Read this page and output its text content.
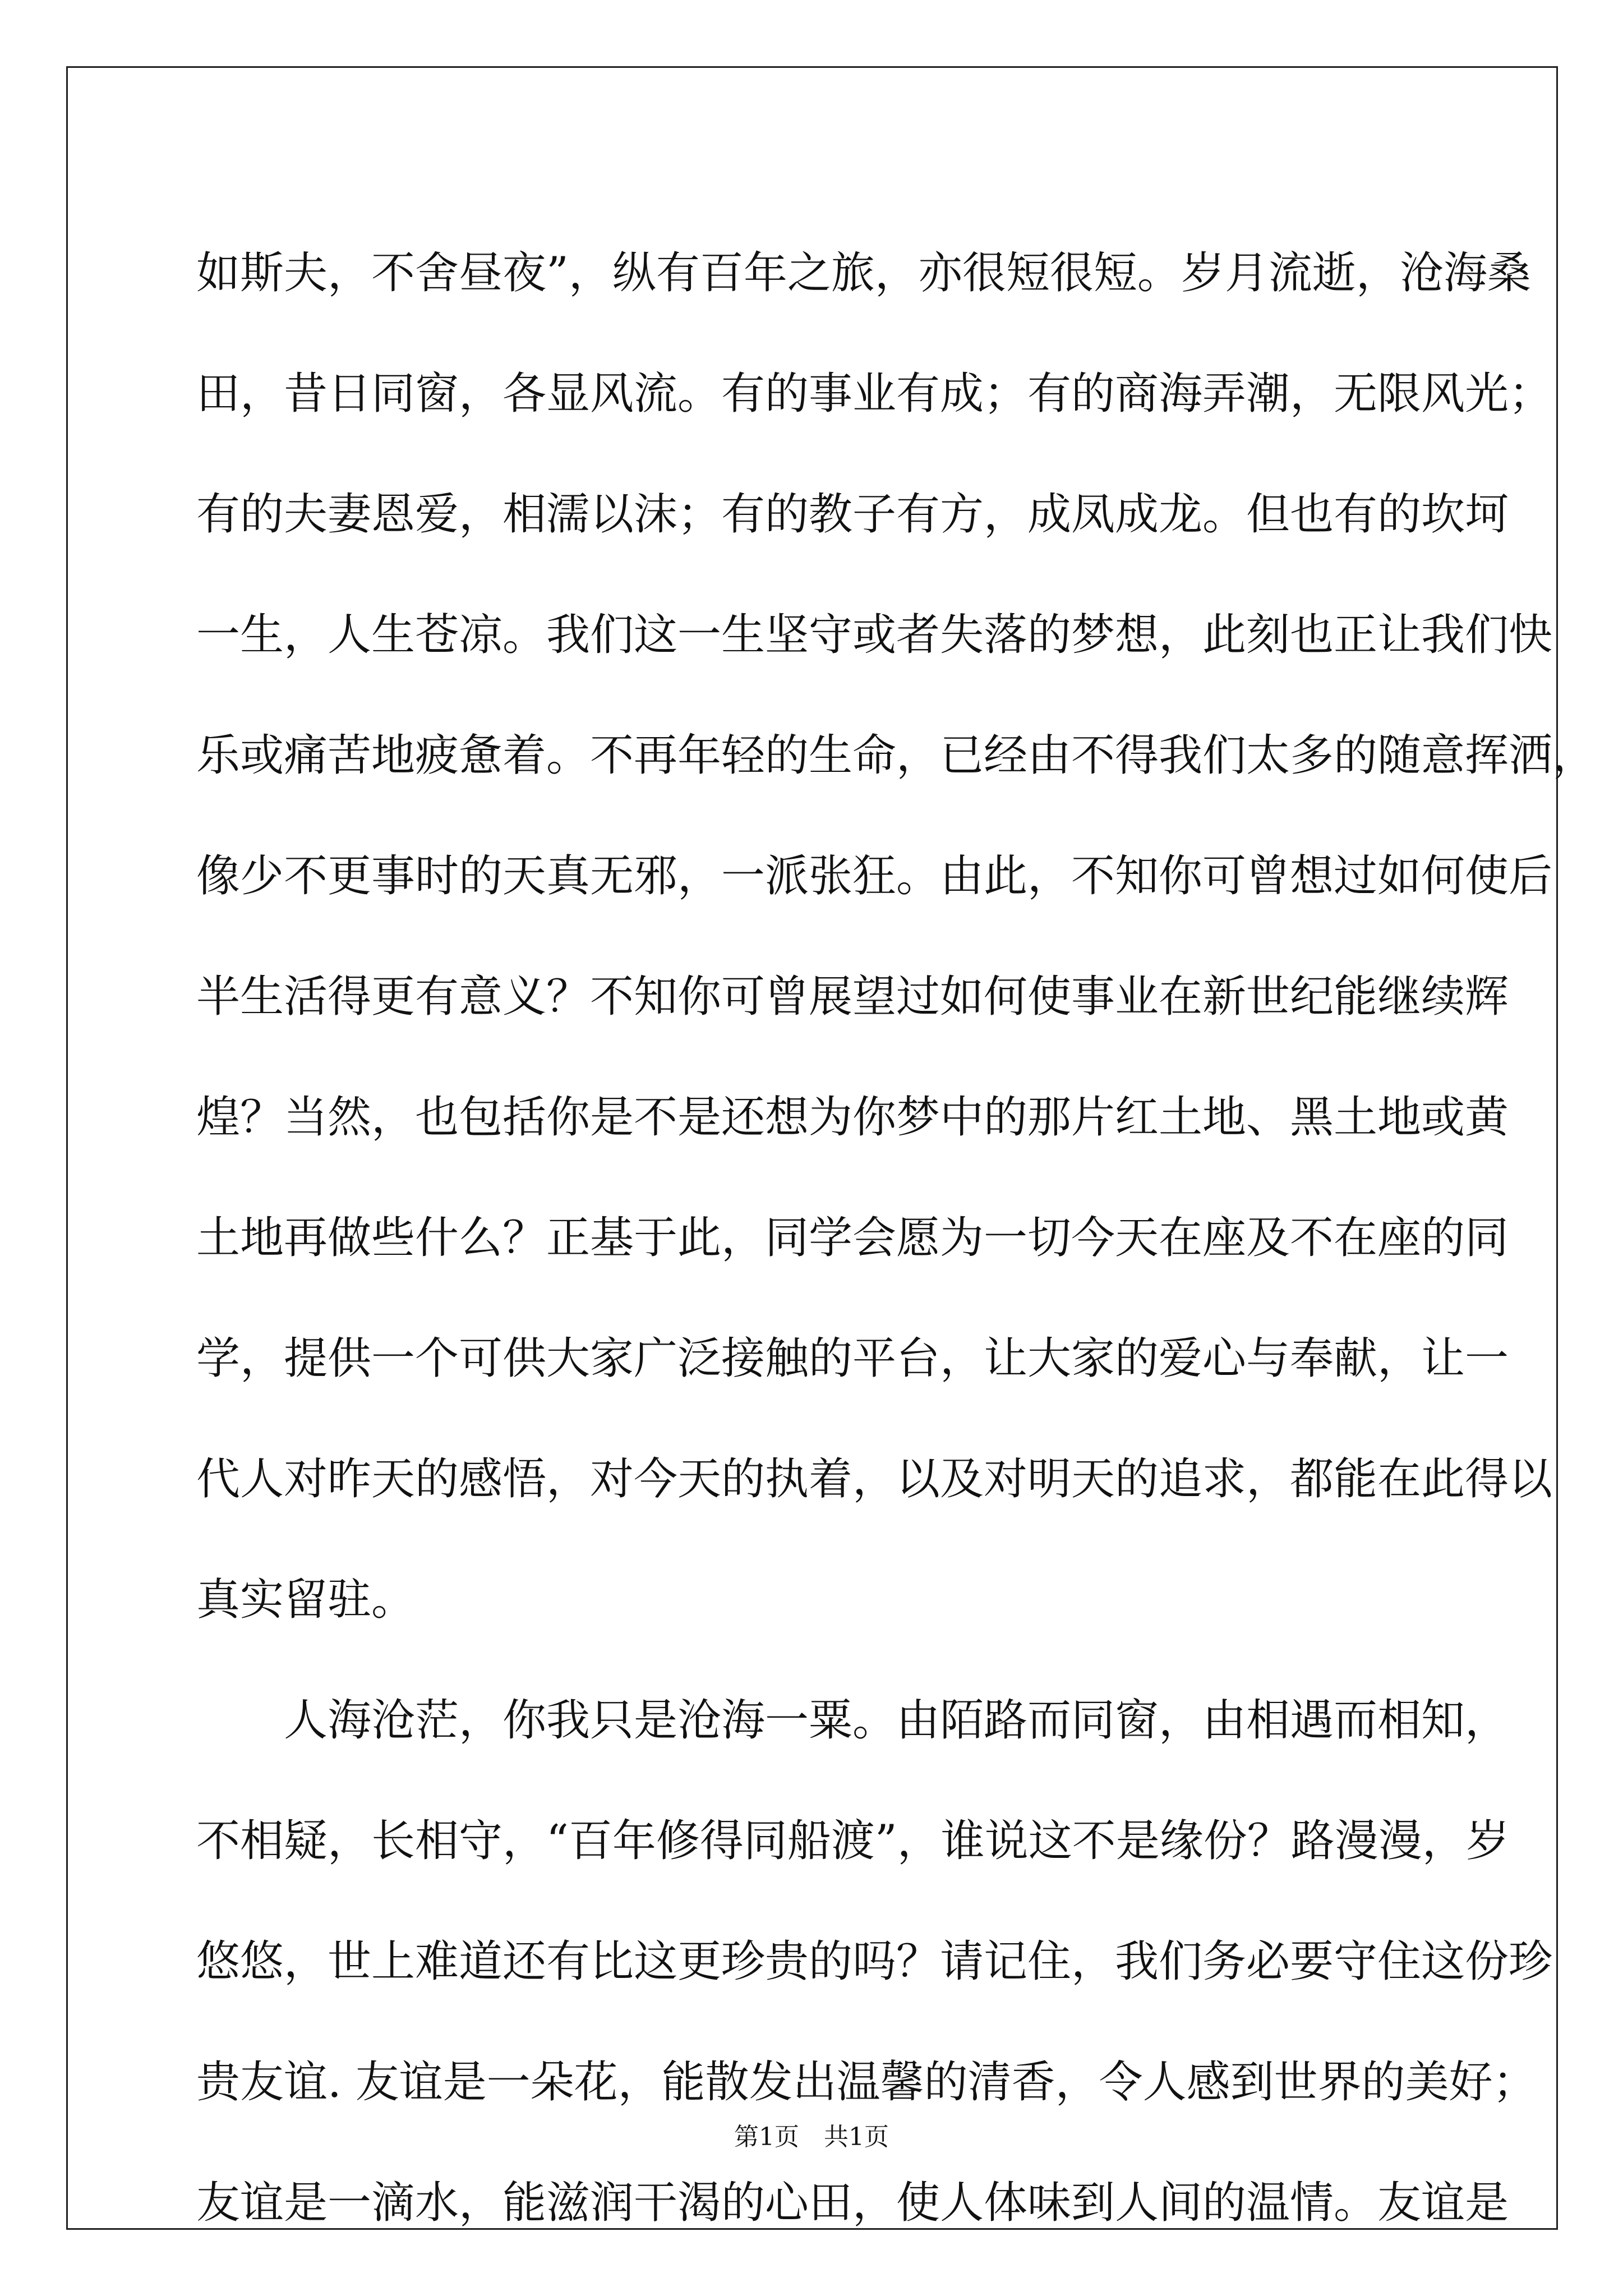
如斯夫，不舍昼夜”，纵有百年之旅，亦很短很短。岁月流逝，沧海桑
田，昔日同窗，各显风流。有的事业有成；有的商海弄潮，无限风光；
有的夫妻恩爱，相濡以沫；有的教子有方，成凤成龙。但也有的坎坷
一生，人生苍凉。我们这一生坚守或者失落的梦想，此刻也正让我们快
乐或痛苦地疲惫着。不再年轻的生命，已经由不得我们太多的随意挥洒，
像少不更事时的天真无邪，一派张狂。由此，不知你可曾想过如何使后
半生活得更有意义？不知你可曾展望过如何使事业在新世纪能继续辉
煌？当然，也包括你是不是还想为你梦中的那片红土地、黑土地或黄
土地再做些什么？正基于此，同学会愿为一切今天在座及不在座的同
学，提供一个可供大家广泛接触的平台，让大家的爱心与奉献，让一
代人对昨天的感悟，对今天的执着，以及对明天的追求，都能在此得以
真实留驻。
人海沧茫，你我只是沧海一粟。由陌路而同窗，由相遇而相知，
不相疑，长相守，“百年修得同船渡”，谁说这不是缘份？路漫漫，岁
悠悠，世上难道还有比这更珍贵的吗？请记住，我们务必要守住这份珍
贵友谊. 友谊是一朵花，能散发出温馨的清香，令人感到世界的美好；
友谊是一滴水，能滋润干渴的心田，使人体味到人间的温情。友谊是
第1页　共1页
